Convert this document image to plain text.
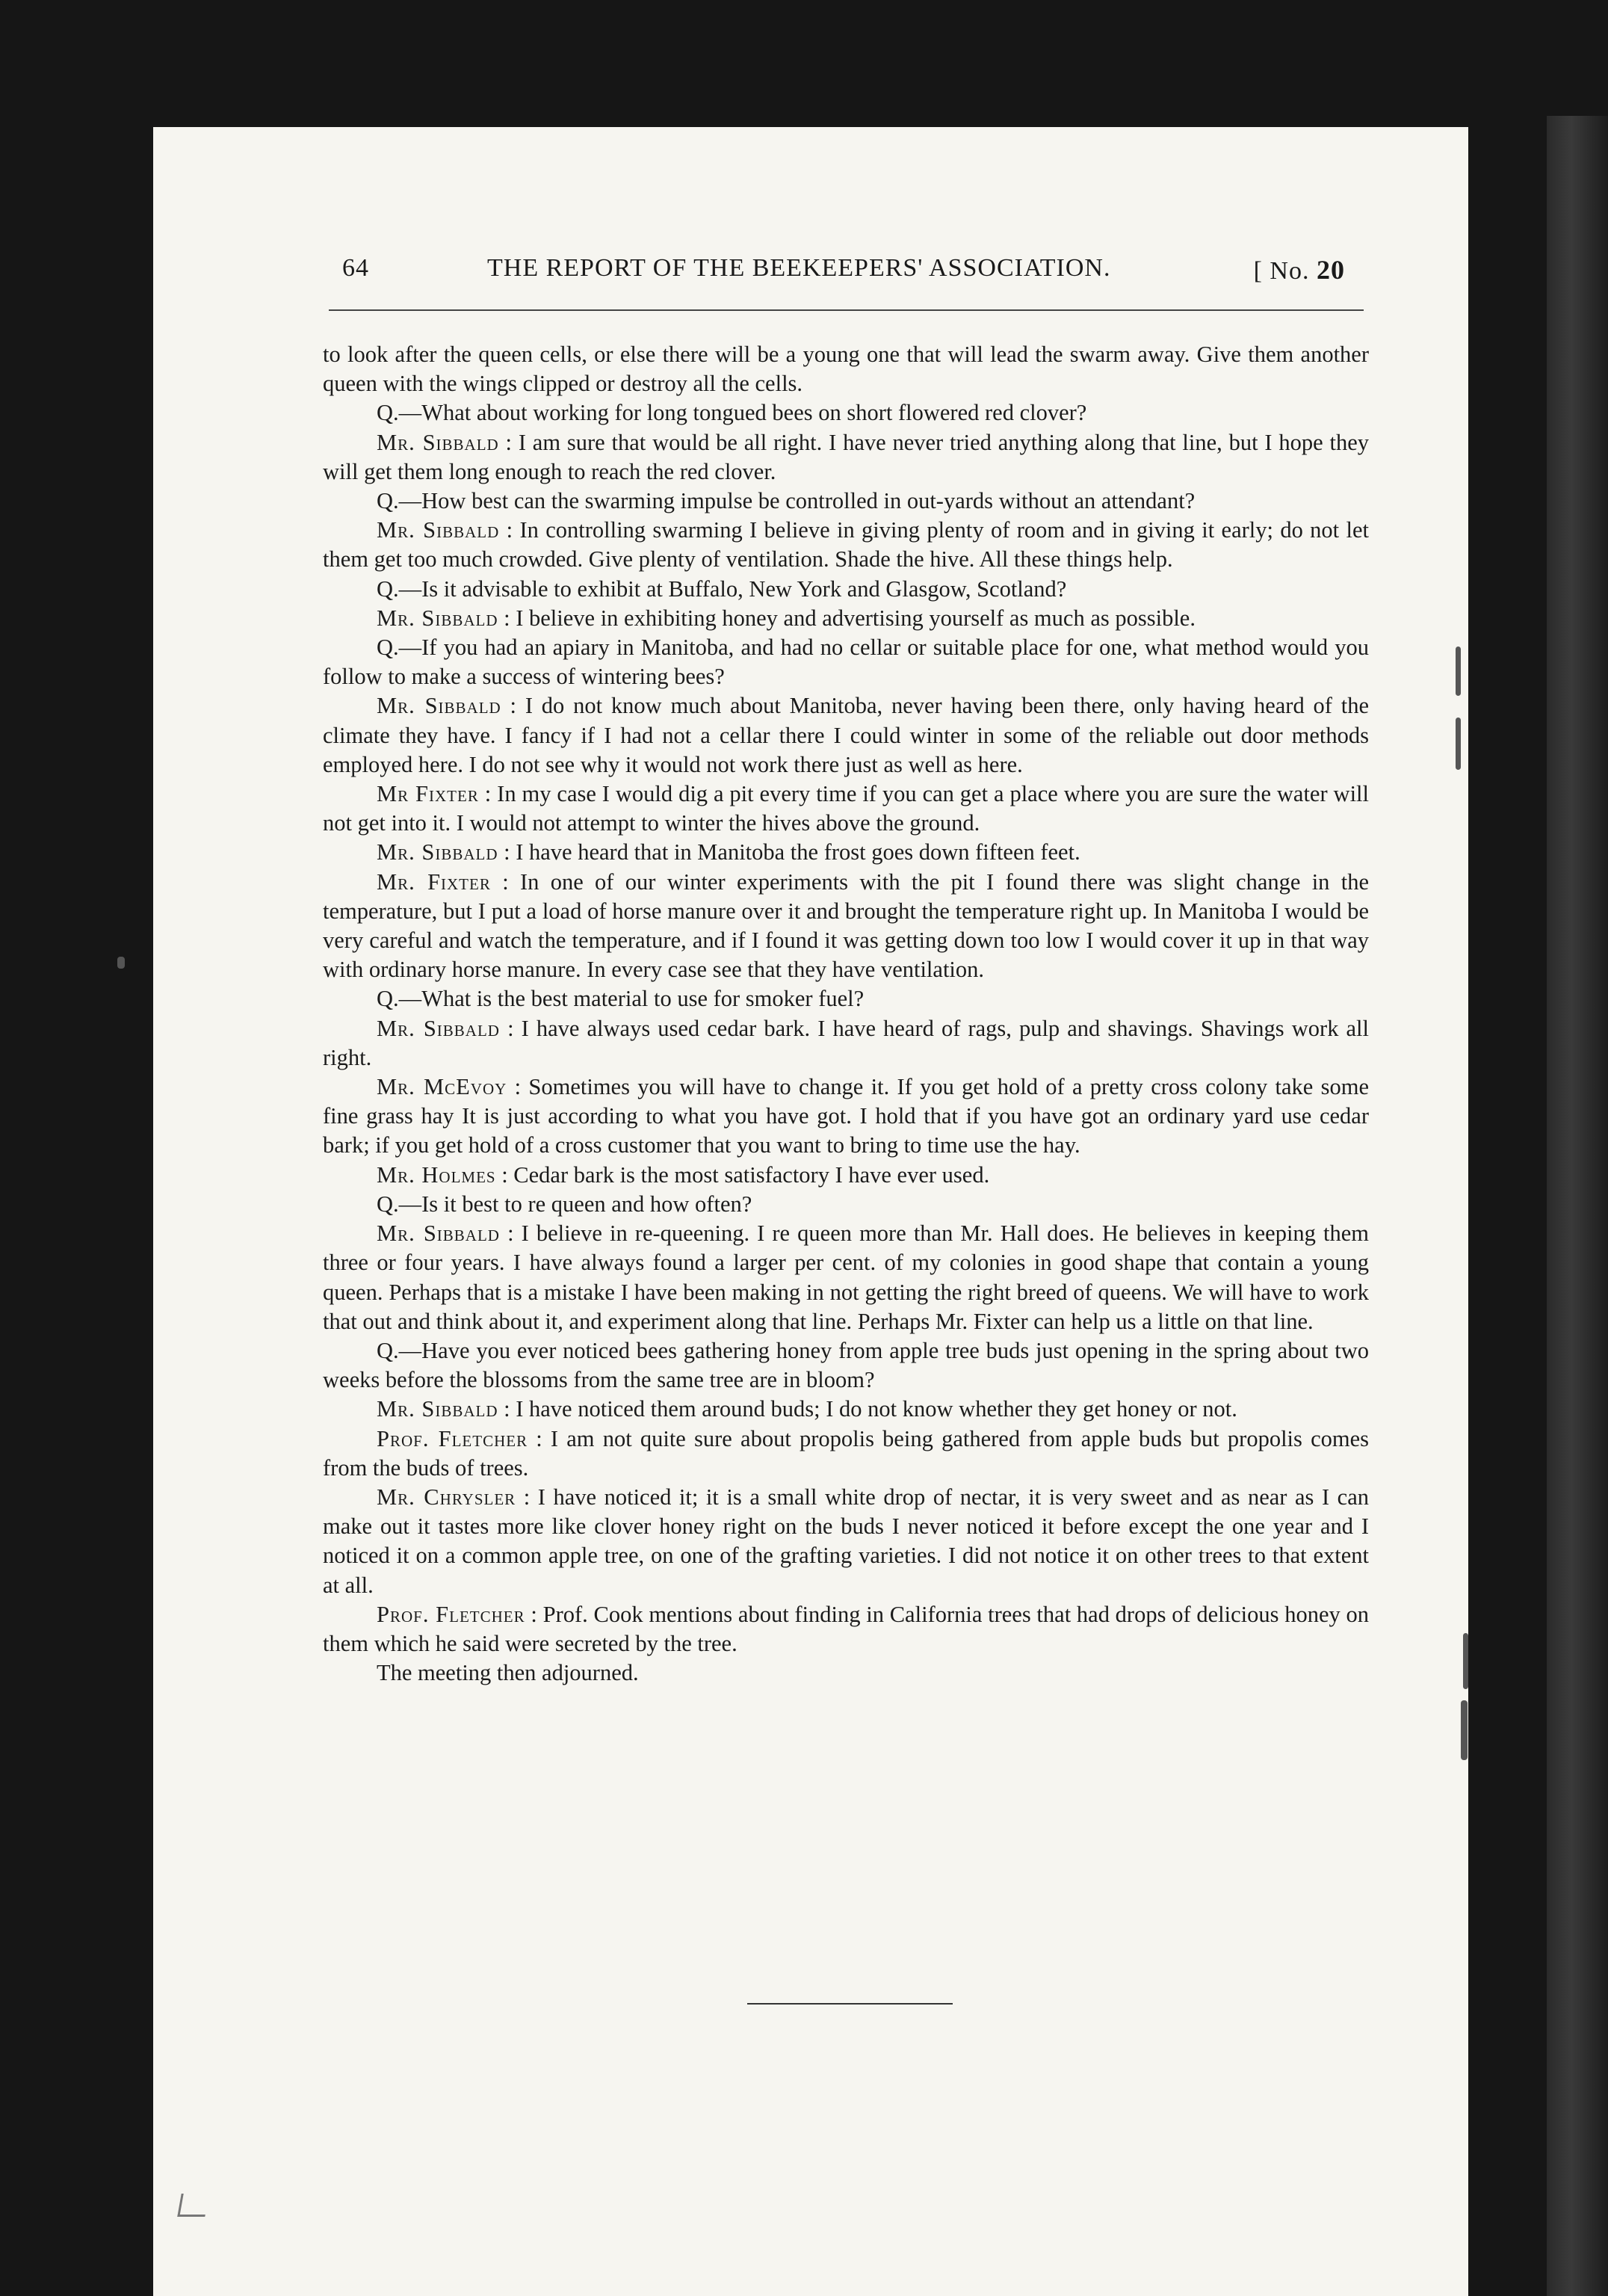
64	THE REPORT OF THE BEEKEEPERS' ASSOCIATION.	[ No. 20

to look after the queen cells, or else there will be a young one that will lead the swarm away. Give them another queen with the wings clipped or destroy all the cells.

Q.—What about working for long tongued bees on short flowered red clover?

Mr. Sibbald : I am sure that would be all right. I have never tried anything along that line, but I hope they will get them long enough to reach the red clover.

Q.—How best can the swarming impulse be controlled in out-yards without an attendant?

Mr. Sibbald : In controlling swarming I believe in giving plenty of room and in giving it early; do not let them get too much crowded. Give plenty of ventilation. Shade the hive. All these things help.

Q.—Is it advisable to exhibit at Buffalo, New York and Glasgow, Scotland?

Mr. Sibbald : I believe in exhibiting honey and advertising yourself as much as possible.

Q.—If you had an apiary in Manitoba, and had no cellar or suitable place for one, what method would you follow to make a success of wintering bees?

Mr. Sibbald : I do not know much about Manitoba, never having been there, only having heard of the climate they have. I fancy if I had not a cellar there I could winter in some of the reliable out door methods employed here. I do not see why it would not work there just as well as here.

Mr Fixter : In my case I would dig a pit every time if you can get a place where you are sure the water will not get into it. I would not attempt to winter the hives above the ground.

Mr. Sibbald : I have heard that in Manitoba the frost goes down fifteen feet.

Mr. Fixter : In one of our winter experiments with the pit I found there was slight change in the temperature, but I put a load of horse manure over it and brought the temperature right up. In Manitoba I would be very careful and watch the temperature, and if I found it was getting down too low I would cover it up in that way with ordinary horse manure. In every case see that they have ventilation.

Q.—What is the best material to use for smoker fuel?

Mr. Sibbald : I have always used cedar bark. I have heard of rags, pulp and shavings. Shavings work all right.

Mr. McEvoy : Sometimes you will have to change it. If you get hold of a pretty cross colony take some fine grass hay It is just according to what you have got. I hold that if you have got an ordinary yard use cedar bark; if you get hold of a cross customer that you want to bring to time use the hay.

Mr. Holmes : Cedar bark is the most satisfactory I have ever used.

Q.—Is it best to re queen and how often?

Mr. Sibbald : I believe in re-queening. I re queen more than Mr. Hall does. He believes in keeping them three or four years. I have always found a larger per cent. of my colonies in good shape that contain a young queen. Perhaps that is a mistake I have been making in not getting the right breed of queens. We will have to work that out and think about it, and experiment along that line. Perhaps Mr. Fixter can help us a little on that line.

Q.—Have you ever noticed bees gathering honey from apple tree buds just opening in the spring about two weeks before the blossoms from the same tree are in bloom?

Mr. Sibbald : I have noticed them around buds; I do not know whether they get honey or not.

Prof. Fletcher : I am not quite sure about propolis being gathered from apple buds but propolis comes from the buds of trees.

Mr. Chrysler : I have noticed it; it is a small white drop of nectar, it is very sweet and as near as I can make out it tastes more like clover honey right on the buds I never noticed it before except the one year and I noticed it on a common apple tree, on one of the grafting varieties. I did not notice it on other trees to that extent at all.

Prof. Fletcher : Prof. Cook mentions about finding in California trees that had drops of delicious honey on them which he said were secreted by the tree.

The meeting then adjourned.
